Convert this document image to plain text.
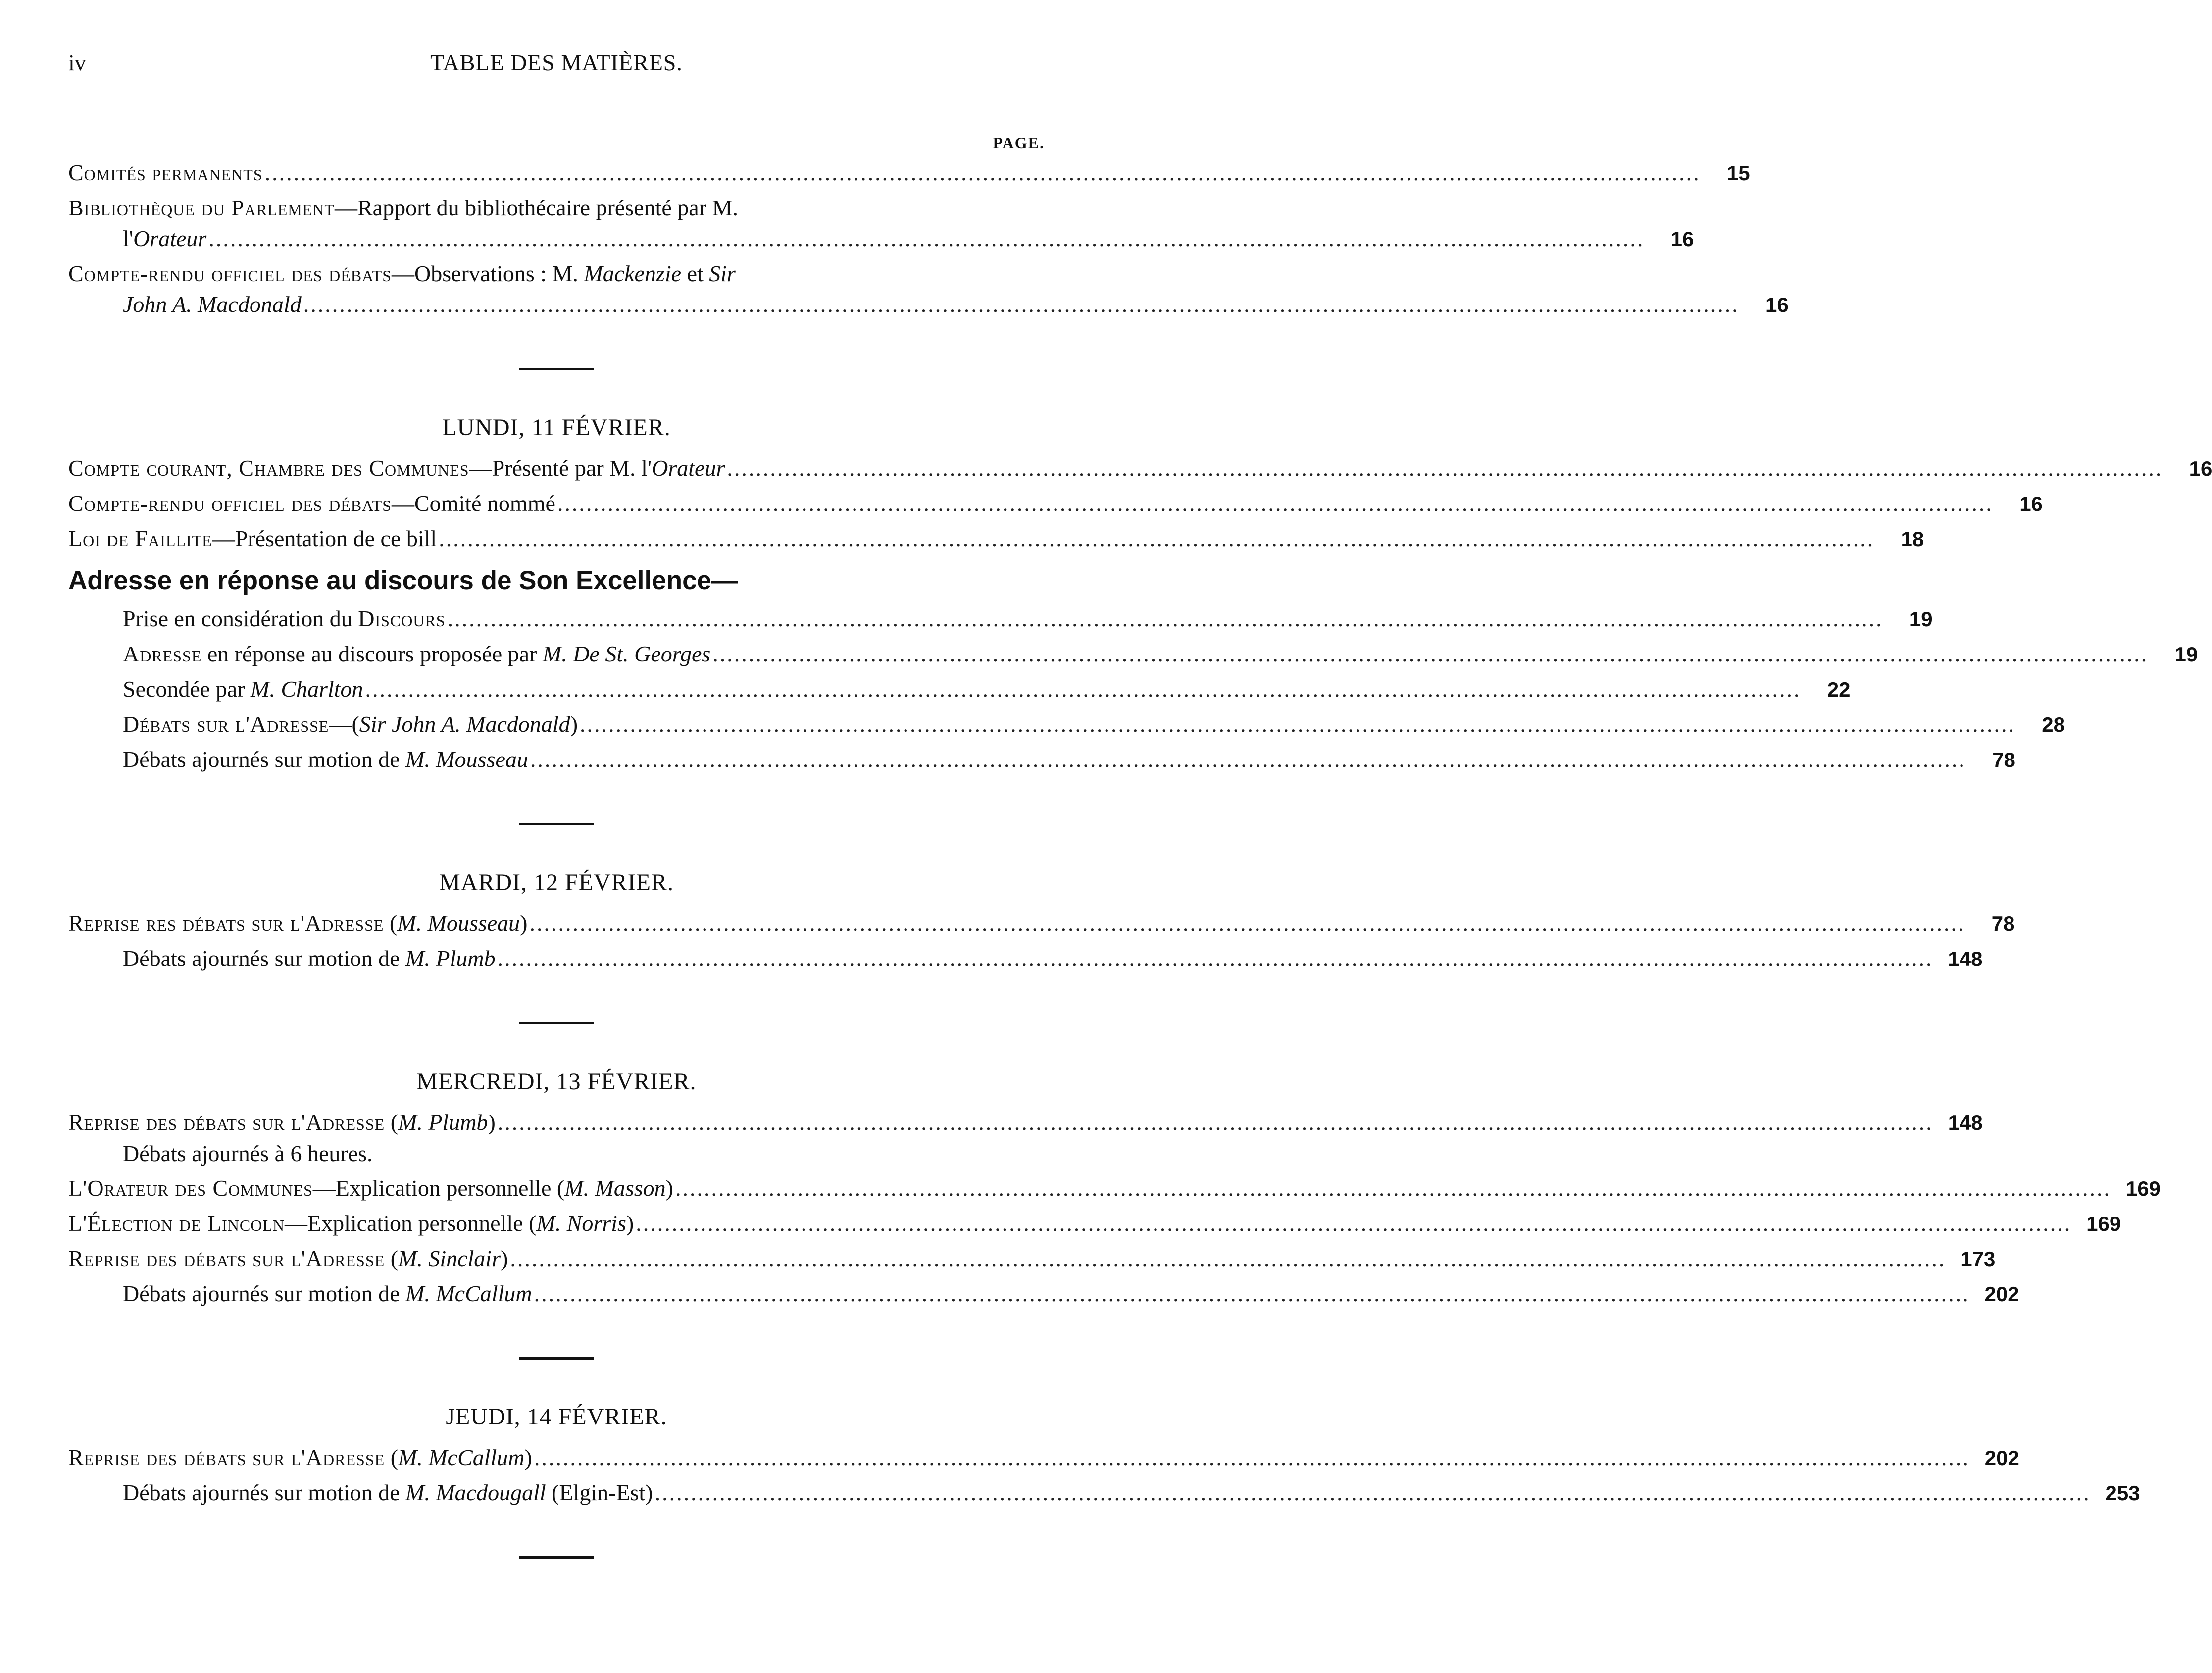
iv	TABLE DES MATIÈRES.
PAGE.
Comités permanents ........................................................................................................................................................................................................	15
Bibliothèque du Parlement—Rapport du bibliothécaire présenté par M.
l'Orateur ........................................................................................................................................................................................................	16
Compte-rendu officiel des débats—Observations : M. Mackenzie et Sir
John A. Macdonald ........................................................................................................................................................................................................	16
LUNDI, 11 FÉVRIER.
Compte courant, Chambre des Communes—Présenté par M. l'Orateur ........................................................................................................................................................................................................	16
Compte-rendu officiel des débats—Comité nommé ........................................................................................................................................................................................................	16
Loi de Faillite—Présentation de ce bill ........................................................................................................................................................................................................	18
Adresse en réponse au discours de Son Excellence—
Prise en considération du Discours ........................................................................................................................................................................................................	19
Adresse en réponse au discours proposée par M. De St. Georges ........................................................................................................................................................................................................	19
Secondée par M. Charlton ........................................................................................................................................................................................................	22
Débats sur l'Adresse—(Sir John A. Macdonald) ........................................................................................................................................................................................................	28
Débats ajournés sur motion de M. Mousseau ........................................................................................................................................................................................................	78
MARDI, 12 FÉVRIER.
Reprise res débats sur l'Adresse (M. Mousseau) ........................................................................................................................................................................................................	78
Débats ajournés sur motion de M. Plumb ........................................................................................................................................................................................................ 148
MERCREDI, 13 FÉVRIER.
Reprise des débats sur l'Adresse (M. Plumb) ........................................................................................................................................................................................................ 148
Débats ajournés à 6 heures.
L'Orateur des Communes—Explication personnelle (M. Masson) ........................................................................................................................................................................................................ 169
L'Élection de Lincoln—Explication personnelle (M. Norris) ........................................................................................................................................................................................................ 169
Reprise des débats sur l'Adresse (M. Sinclair) ........................................................................................................................................................................................................ 173
Débats ajournés sur motion de M. McCallum ........................................................................................................................................................................................................ 202
JEUDI, 14 FÉVRIER.
Reprise des débats sur l'Adresse (M. McCallum) ........................................................................................................................................................................................................ 202
Débats ajournés sur motion de M. Macdougall (Elgin-Est) ........................................................................................................................................................................................................ 253
